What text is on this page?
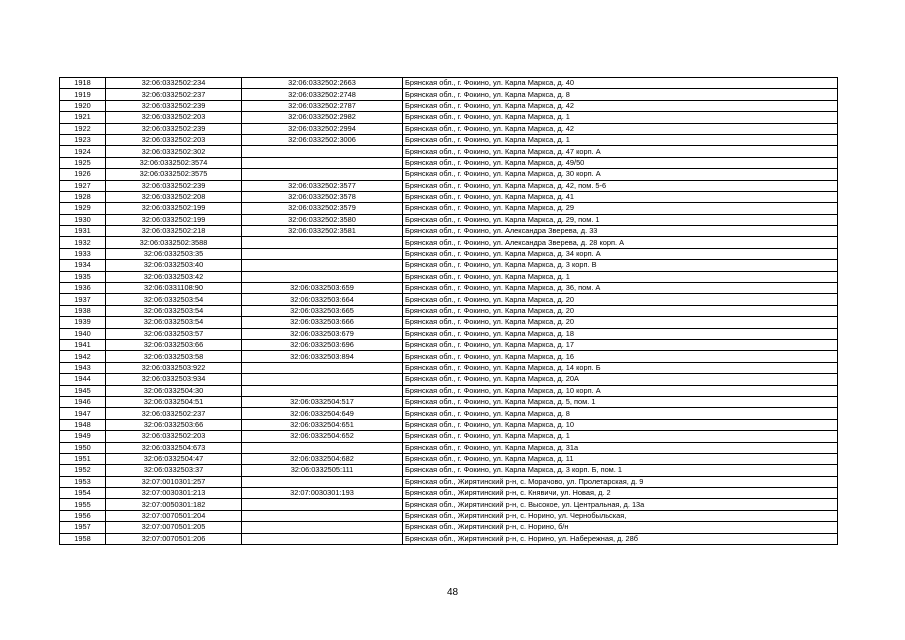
1918	32:06:0332502:234	32:06:0332502:2663	Брянская обл., г. Фокино, ул. Карла Маркса, д. 40
1919	32:06:0332502:237	32:06:0332502:2748	Брянская обл., г. Фокино, ул. Карла Маркса, д. 8
1920	32:06:0332502:239	32:06:0332502:2787	Брянская обл., г. Фокино, ул. Карла Маркса, д. 42
1921	32:06:0332502:203	32:06:0332502:2982	Брянская обл., г. Фокино, ул. Карла Маркса, д. 1
1922	32:06:0332502:239	32:06:0332502:2994	Брянская обл., г. Фокино, ул. Карла Маркса, д. 42
1923	32:06:0332502:203	32:06:0332502:3006	Брянская обл., г. Фокино, ул. Карла Маркса, д. 1
1924	32:06:0332502:302		Брянская обл., г. Фокино, ул. Карла Маркса, д. 47 корп. А
1925	32:06:0332502:3574		Брянская обл., г. Фокино, ул. Карла Маркса, д. 49/50
1926	32:06:0332502:3575		Брянская обл., г. Фокино, ул. Карла Маркса, д. 30 корп. А
1927	32:06:0332502:239	32:06:0332502:3577	Брянская обл., г. Фокино, ул. Карла Маркса, д. 42, пом. 5-6
1928	32:06:0332502:208	32:06:0332502:3578	Брянская обл., г. Фокино, ул. Карла Маркса, д. 41
1929	32:06:0332502:199	32:06:0332502:3579	Брянская обл., г. Фокино, ул. Карла Маркса, д. 29
1930	32:06:0332502:199	32:06:0332502:3580	Брянская обл., г. Фокино, ул. Карла Маркса, д. 29, пом. 1
1931	32:06:0332502:218	32:06:0332502:3581	Брянская обл., г. Фокино, ул. Александра Зверева, д. 33
1932	32:06:0332502:3588		Брянская обл., г. Фокино, ул. Александра Зверева, д. 28 корп. А
1933	32:06:0332503:35		Брянская обл., г. Фокино, ул. Карла Маркса, д. 34 корп. А
1934	32:06:0332503:40		Брянская обл., г. Фокино, ул. Карла Маркса, д. 3 корп. В
1935	32:06:0332503:42		Брянская обл., г. Фокино, ул. Карла Маркса, д. 1
1936	32:06:0331108:90	32:06:0332503:659	Брянская обл., г. Фокино, ул. Карла Маркса, д. 36, пом. А
1937	32:06:0332503:54	32:06:0332503:664	Брянская обл., г. Фокино, ул. Карла Маркса, д. 20
1938	32:06:0332503:54	32:06:0332503:665	Брянская обл., г. Фокино, ул. Карла Маркса, д. 20
1939	32:06:0332503:54	32:06:0332503:666	Брянская обл., г. Фокино, ул. Карла Маркса, д. 20
1940	32:06:0332503:57	32:06:0332503:679	Брянская обл., г. Фокино, ул. Карла Маркса, д. 18
1941	32:06:0332503:66	32:06:0332503:696	Брянская обл., г. Фокино, ул. Карла Маркса, д. 17
1942	32:06:0332503:58	32:06:0332503:894	Брянская обл., г. Фокино, ул. Карла Маркса, д. 16
1943	32:06:0332503:922		Брянская обл., г. Фокино, ул. Карла Маркса, д. 14 корп. Б
1944	32:06:0332503:934		Брянская обл., г. Фокино, ул. Карла Маркса, д. 20А
1945	32:06:0332504:30		Брянская обл., г. Фокино, ул. Карла Маркса, д. 10 корп. А
1946	32:06:0332504:51	32:06:0332504:517	Брянская обл., г. Фокино, ул. Карла Маркса, д. 5, пом. 1
1947	32:06:0332502:237	32:06:0332504:649	Брянская обл., г. Фокино, ул. Карла Маркса, д. 8
1948	32:06:0332503:66	32:06:0332504:651	Брянская обл., г. Фокино, ул. Карла Маркса, д. 10
1949	32:06:0332502:203	32:06:0332504:652	Брянская обл., г. Фокино, ул. Карла Маркса, д. 1
1950	32:06:0332504:673		Брянская обл., г. Фокино, ул. Карла Маркса, д. 31а
1951	32:06:0332504:47	32:06:0332504:682	Брянская обл., г. Фокино, ул. Карла Маркса, д. 11
1952	32:06:0332503:37	32:06:0332505:111	Брянская обл., г. Фокино, ул. Карла Маркса, д. 3 корп. Б, пом. 1
1953	32:07:0010301:257		Брянская обл., Жирятинский р-н, с. Морачово, ул. Пролетарская, д. 9
1954	32:07:0030301:213	32:07:0030301:193	Брянская обл., Жирятинский р-н, с. Княвичи, ул. Новая, д. 2
1955	32:07:0050301:182		Брянская обл., Жирятинский р-н, с. Высокое, ул. Центральная, д. 13а
1956	32:07:0070501:204		Брянская обл., Жирятинский р-н, с. Норино, ул. Чернобыльская,
1957	32:07:0070501:205		Брянская обл., Жирятинский р-н, с. Норино, б/н
1958	32:07:0070501:206		Брянская обл., Жирятинский р-н, с. Норино, ул. Набережная, д. 28б
48
